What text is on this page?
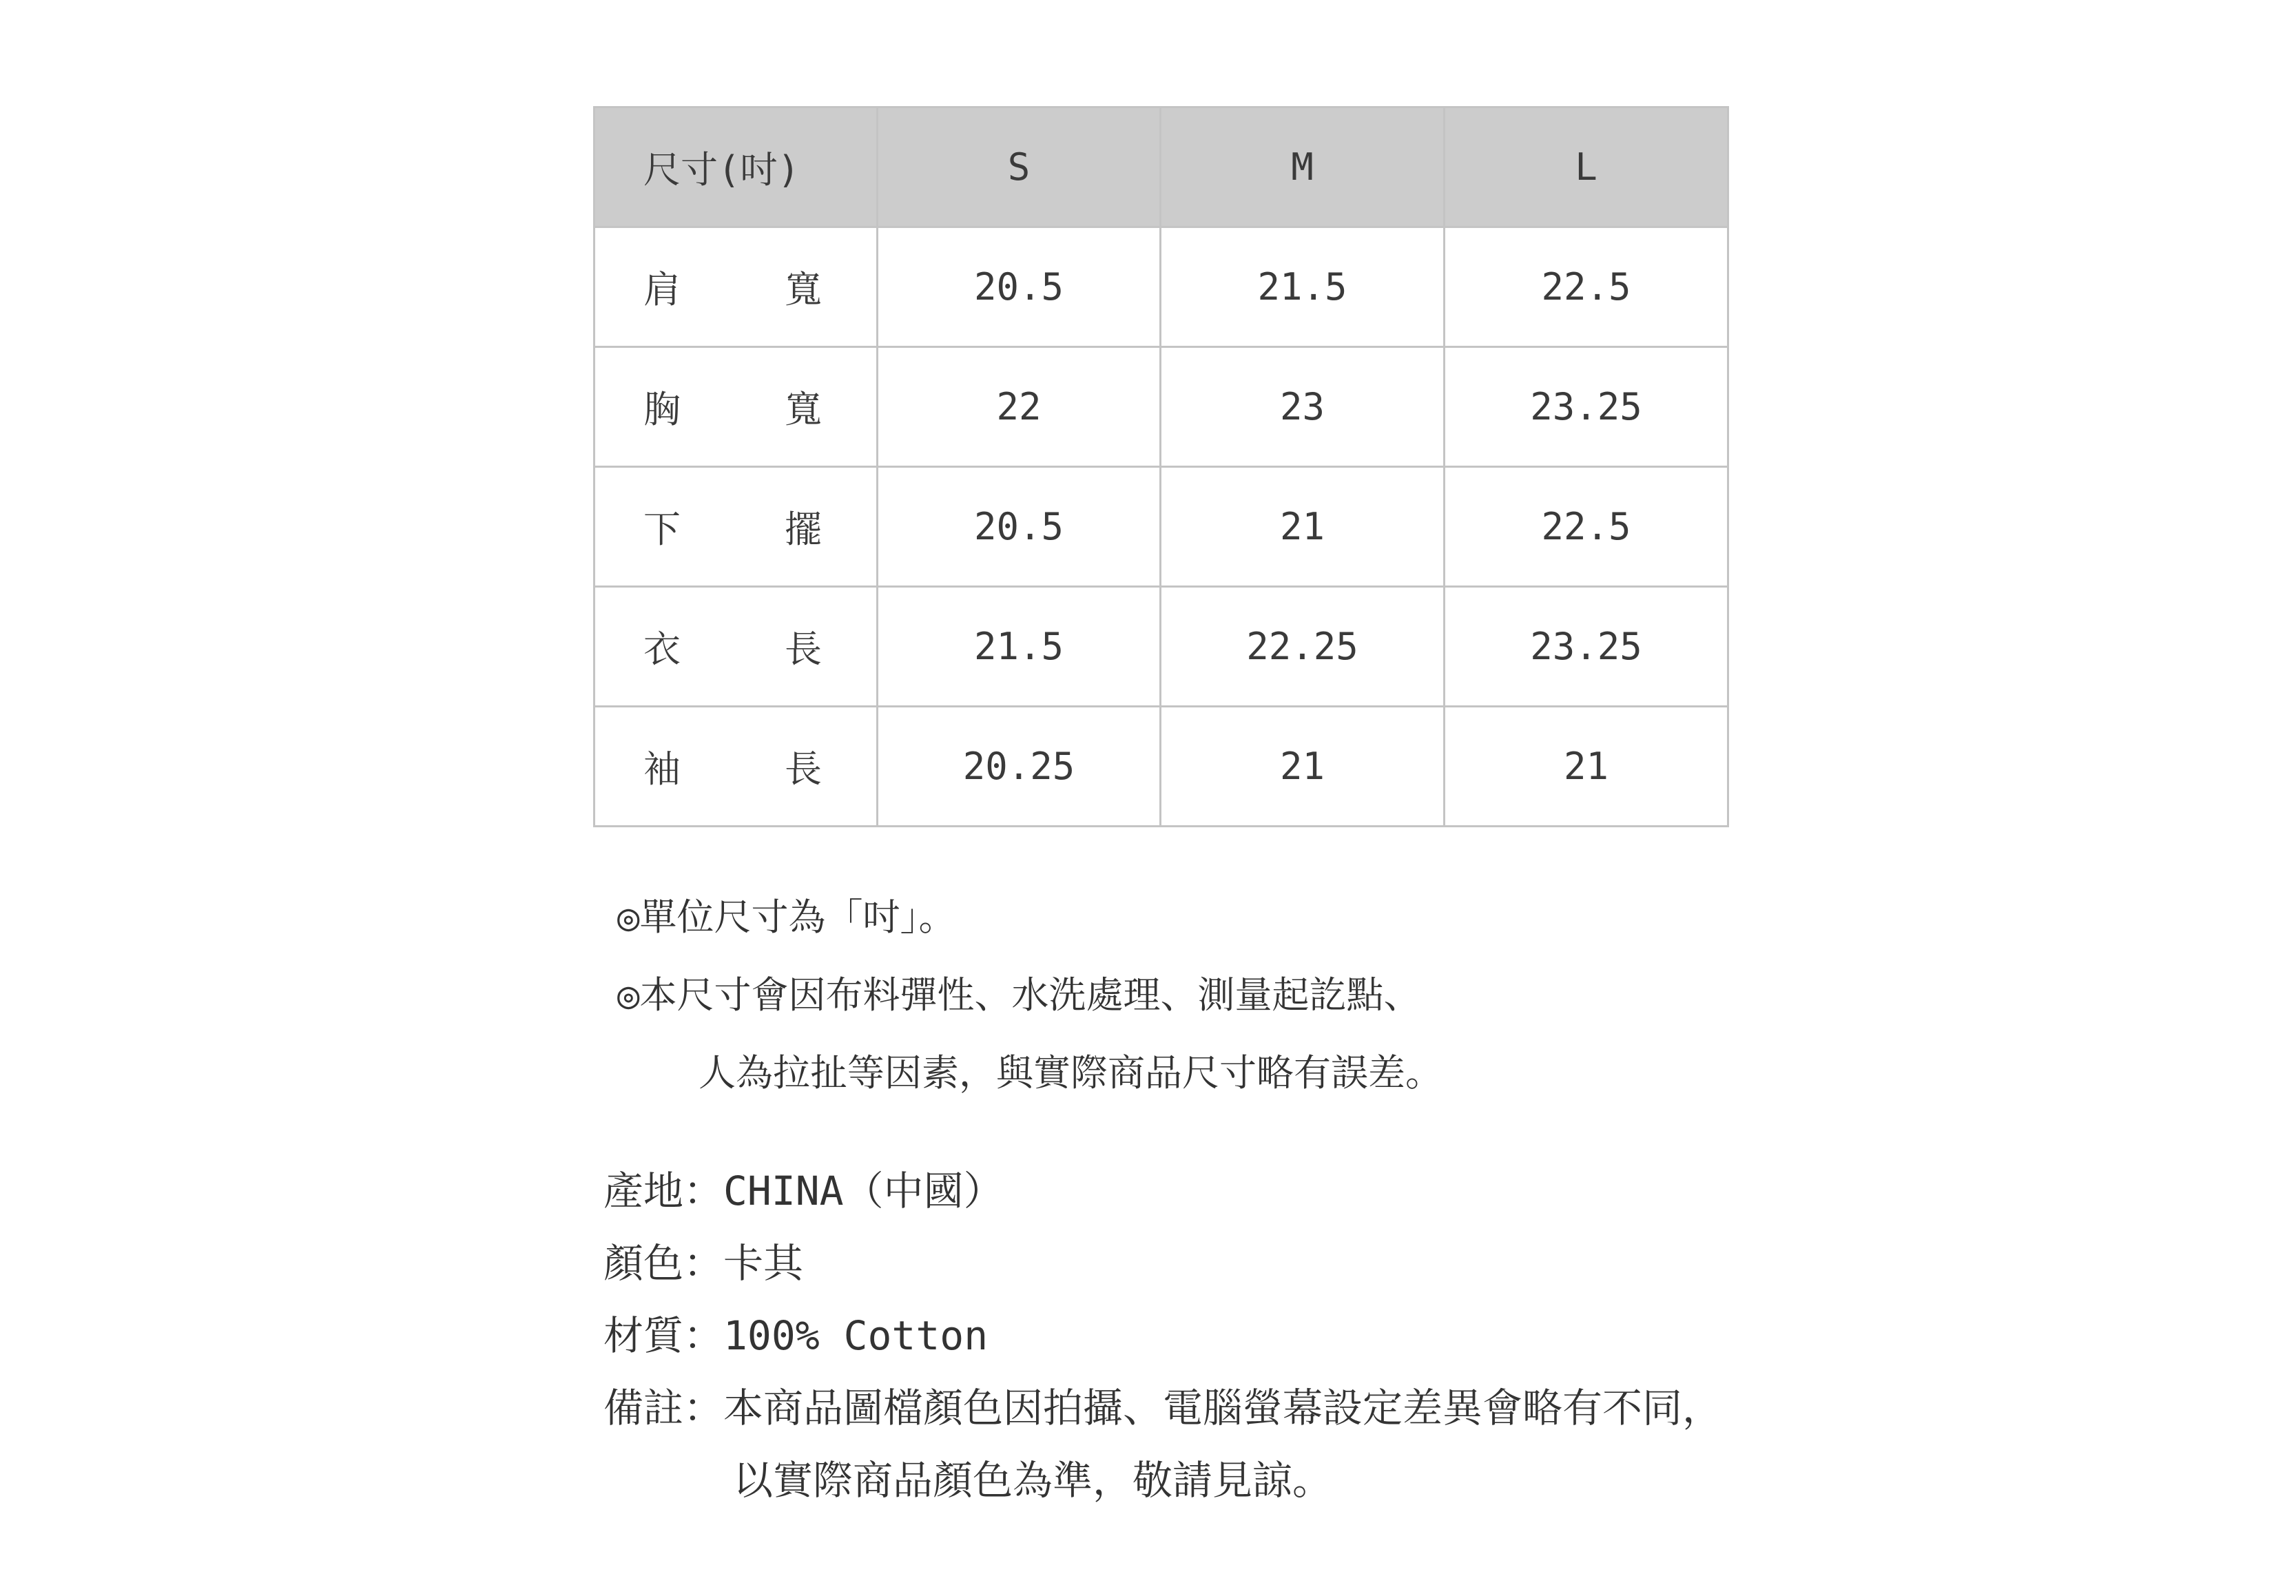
尺寸(吋)	S	M	L
肩 寬	20.5	21.5	22.5
胸 寬	22	23	23.25
下 擺	20.5	21	22.5
衣 長	21.5	22.25	23.25
袖 長	20.25	21	21
◎單位尺寸為「吋」。
◎本尺寸會因布料彈性、水洗處理、測量起訖點、
人為拉扯等因素，與實際商品尺寸略有誤差。
產地：CHINA（中國）
顏色：卡其
材質：100% Cotton
備註：本商品圖檔顏色因拍攝、電腦螢幕設定差異會略有不同，
以實際商品顏色為準，敬請見諒。
